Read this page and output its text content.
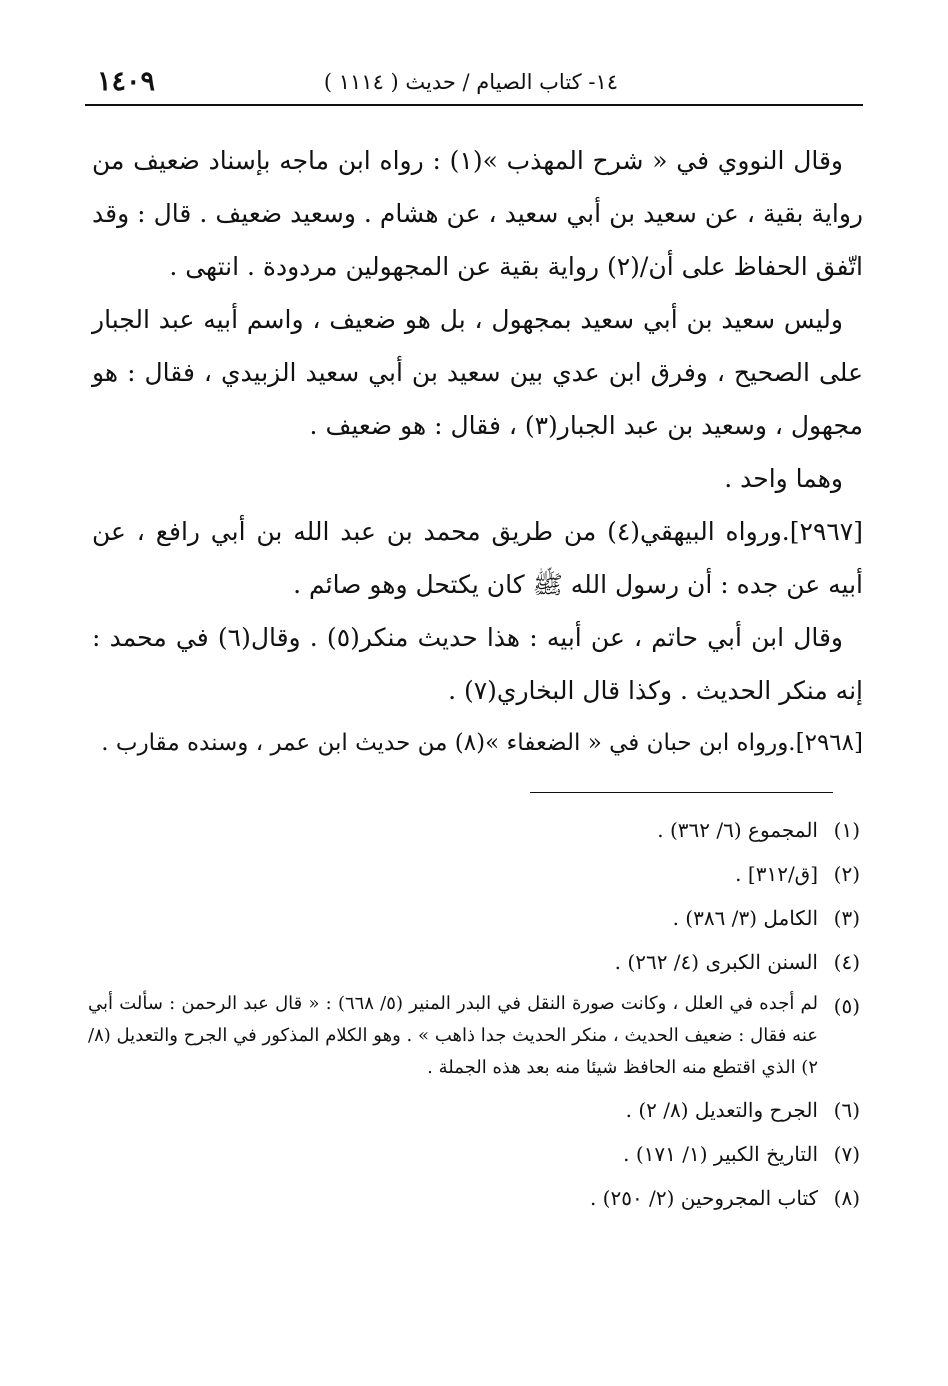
١٤- كتاب الصيام / حديث ( ١١١٤ )
١٤٠٩

وقال النووي في « شرح المهذب »(١) : رواه ابن ماجه بإسناد ضعيف من رواية بقية ، عن سعيد بن أبي سعيد ، عن هشام . وسعيد ضعيف . قال : وقد اتّفق الحفاظ على أن/(٢) رواية بقية عن المجهولين مردودة . انتهى .

وليس سعيد بن أبي سعيد بمجهول ، بل هو ضعيف ، واسم أبيه عبد الجبار على الصحيح ، وفرق ابن عدي بين سعيد بن أبي سعيد الزبيدي ، فقال : هو مجهول ، وسعيد بن عبد الجبار(٣) ، فقال : هو ضعيف .

وهما واحد .

[٢٩٦٧].ورواه البيهقي(٤) من طريق محمد بن عبد الله بن أبي رافع ، عن أبيه عن جده : أن رسول الله ﷺ كان يكتحل وهو صائم .

وقال ابن أبي حاتم ، عن أبيه : هذا حديث منكر(٥) . وقال(٦) في محمد : إنه منكر الحديث . وكذا قال البخاري(٧) .

[٢٩٦٨].ورواه ابن حبان في « الضعفاء »(٨) من حديث ابن عمر ، وسنده مقارب .

(١)
المجموع (٦/ ٣٦٢) .
(٢)
[ق/٣١٢] .
(٣)
الكامل (٣/ ٣٨٦) .
(٤)
السنن الكبرى (٤/ ٢٦٢) .
(٥)
لم أجده في العلل ، وكانت صورة النقل في البدر المنير (٥/ ٦٦٨) : « قال عبد الرحمن : سألت أبي عنه فقال : ضعيف الحديث ، منكر الحديث جدا ذاهب » . وهو الكلام المذكور في الجرح والتعديل (٨/ ٢) الذي اقتطع منه الحافظ شيئا منه بعد هذه الجملة .
(٦)
الجرح والتعديل (٨/ ٢) .
(٧)
التاريخ الكبير (١/ ١٧١) .
(٨)
كتاب المجروحين (٢/ ٢٥٠) .
